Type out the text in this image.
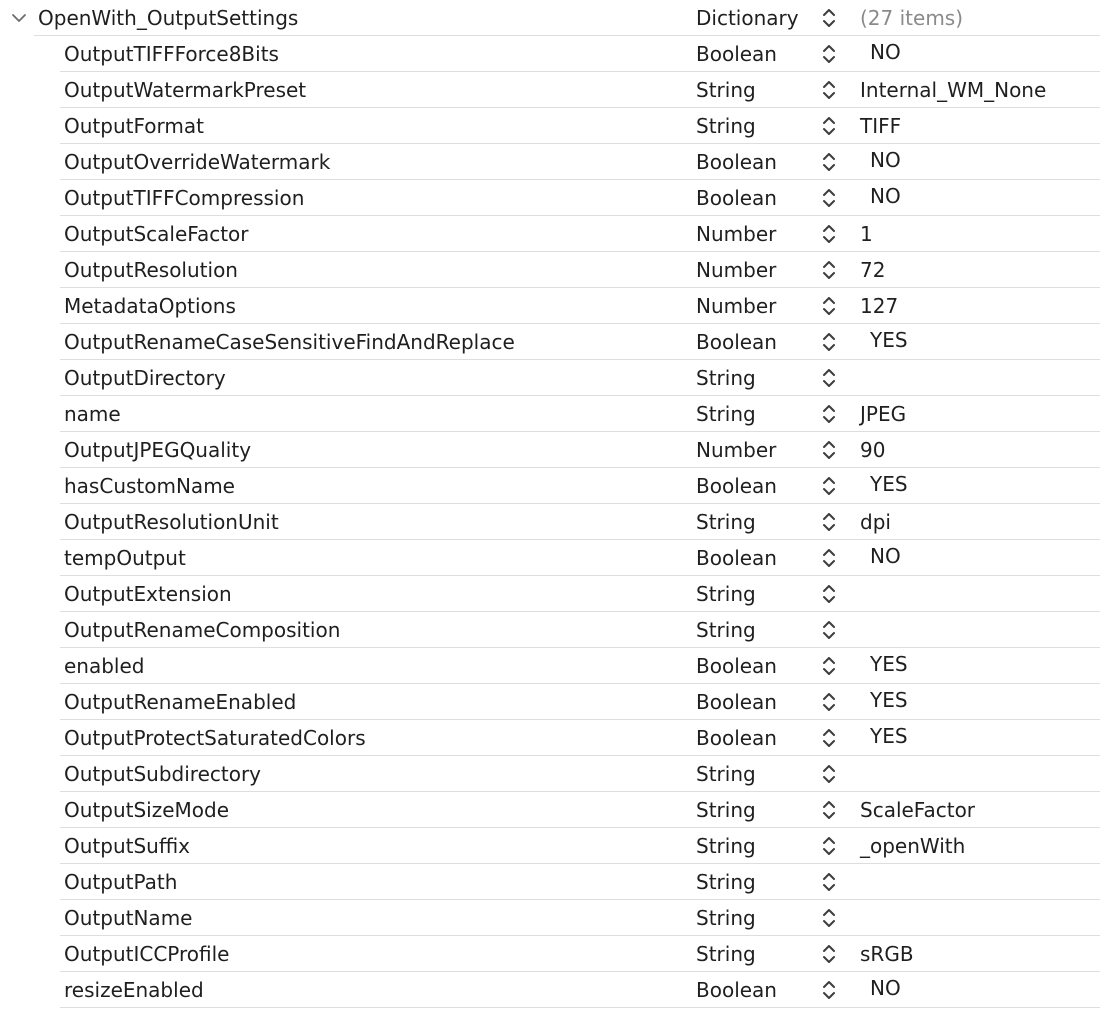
OpenWith_OutputSettings	Dictionary	(27 items)
OutputTIFFForce8Bits	Boolean	NO
OutputWatermarkPreset	String	Internal_WM_None
OutputFormat	String	TIFF
OutputOverrideWatermark	Boolean	NO
OutputTIFFCompression	Boolean	NO
OutputScaleFactor	Number	1
OutputResolution	Number	72
MetadataOptions	Number	127
OutputRenameCaseSensitiveFindAndReplace	Boolean	YES
OutputDirectory	String
name	String	JPEG
OutputJPEGQuality	Number	90
hasCustomName	Boolean	YES
OutputResolutionUnit	String	dpi
tempOutput	Boolean	NO
OutputExtension	String
OutputRenameComposition	String
enabled	Boolean	YES
OutputRenameEnabled	Boolean	YES
OutputProtectSaturatedColors	Boolean	YES
OutputSubdirectory	String
OutputSizeMode	String	ScaleFactor
OutputSuffix	String	_openWith
OutputPath	String
OutputName	String
OutputICCProfile	String	sRGB
resizeEnabled	Boolean	NO
